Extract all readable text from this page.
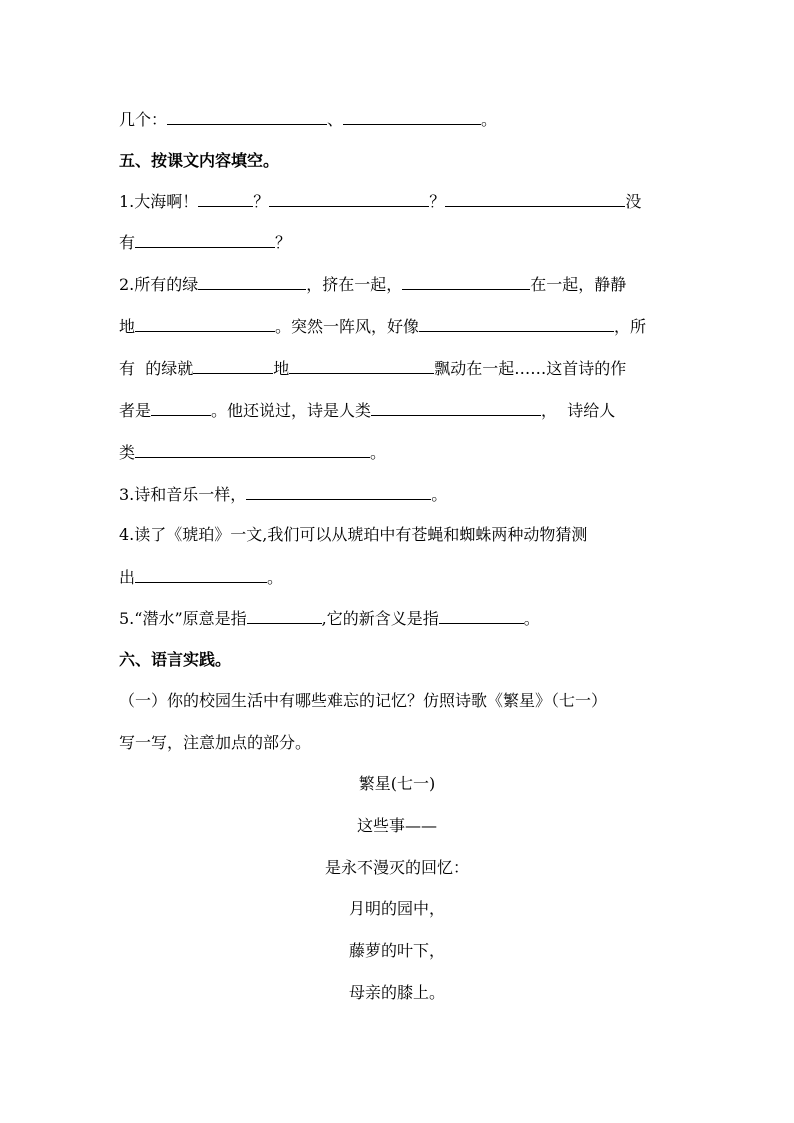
几个：	、	。
五、按课文内容填空。
1.大海啊！	？	？	没
有	？
2.所有的绿	，挤在一起，	在一起，静静
地	。突然一阵风，好像	，所
有 的绿就	地	飘动在一起……这首诗的作
者是	。他还说过，诗是人类	， 诗给人
类	。
3.诗和音乐一样，	。
4.读了《琥珀》一文,我们可以从琥珀中有苍蝇和蜘蛛两种动物猜测
出	。
5.“潜水”原意是指	,它的新含义是指	。
六、语言实践。
（一）你的校园生活中有哪些难忘的记忆？仿照诗歌《繁星》（七一）
写一写，注意加点的部分。
繁星(七一)
这些事——
是永不漫灭的回忆：
月明的园中，
藤萝的叶下，
母亲的膝上。
